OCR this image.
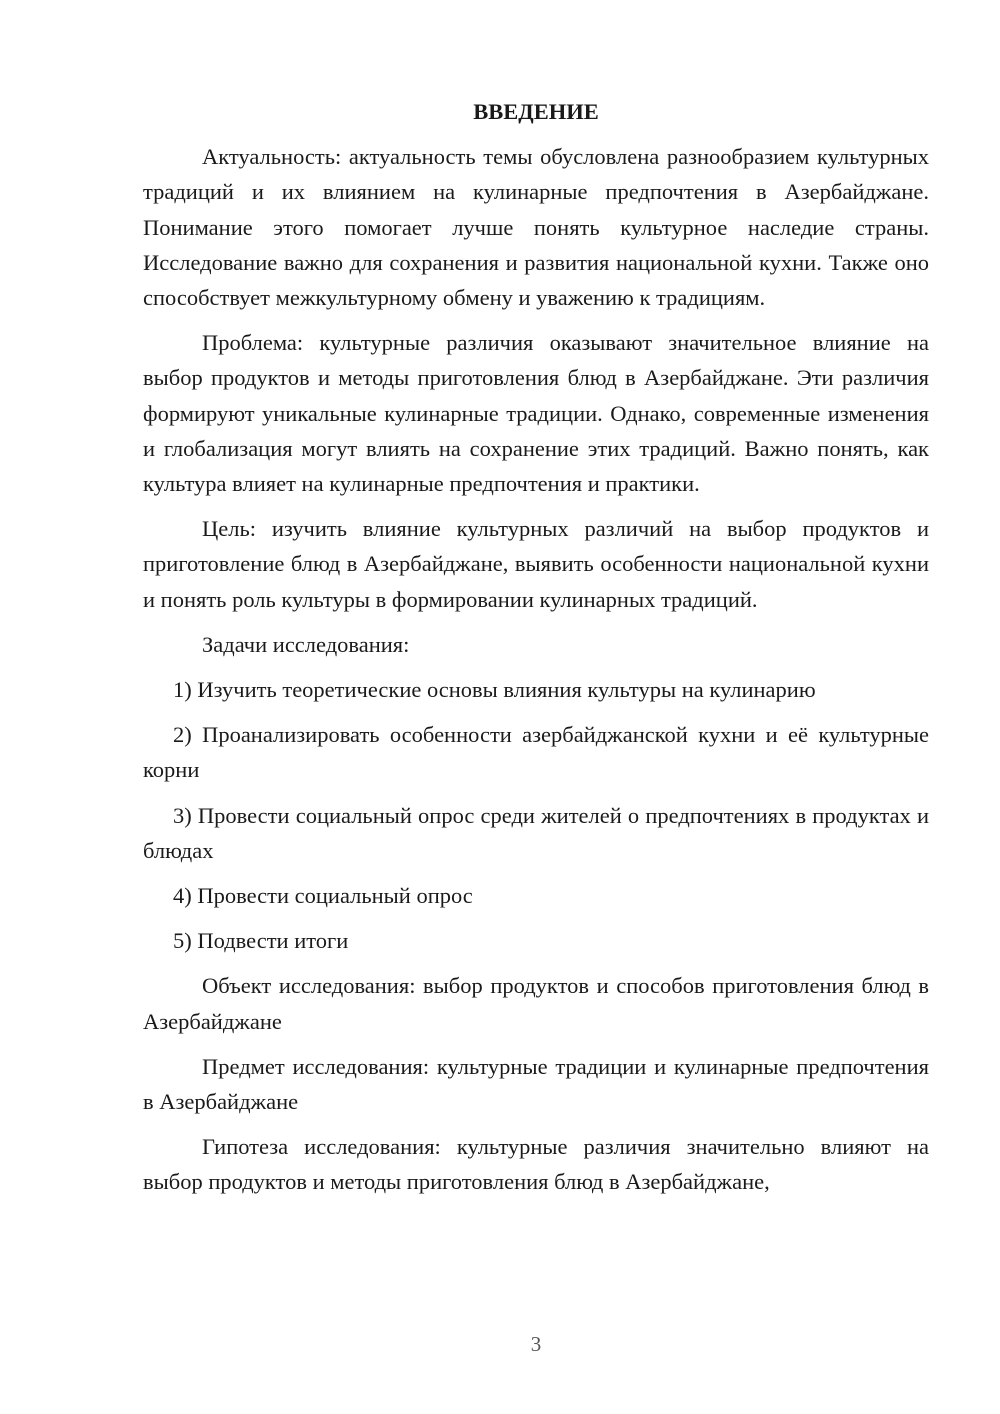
ВВЕДЕНИЕ

Актуальность: актуальность темы обусловлена разнообразием культурных традиций и их влиянием на кулинарные предпочтения в Азербайджане. Понимание этого помогает лучше понять культурное наследие страны. Исследование важно для сохранения и развития национальной кухни. Также оно способствует межкультурному обмену и уважению к традициям.

Проблема: культурные различия оказывают значительное влияние на выбор продуктов и методы приготовления блюд в Азербайджане. Эти различия формируют уникальные кулинарные традиции. Однако, современные изменения и глобализация могут влиять на сохранение этих традиций. Важно понять, как культура влияет на кулинарные предпочтения и практики.

Цель: изучить влияние культурных различий на выбор продуктов и приготовление блюд в Азербайджане, выявить особенности национальной кухни и понять роль культуры в формировании кулинарных традиций.

Задачи исследования:

1) Изучить теоретические основы влияния культуры на кулинарию

2) Проанализировать особенности азербайджанской кухни и её культурные корни

3) Провести социальный опрос среди жителей о предпочтениях в продуктах и блюдах

4) Провести социальный опрос

5) Подвести итоги

Объект исследования: выбор продуктов и способов приготовления блюд в Азербайджане

Предмет исследования: культурные традиции и кулинарные предпочтения в Азербайджане

Гипотеза исследования: культурные различия значительно влияют на выбор продуктов и методы приготовления блюд в Азербайджане,

3
